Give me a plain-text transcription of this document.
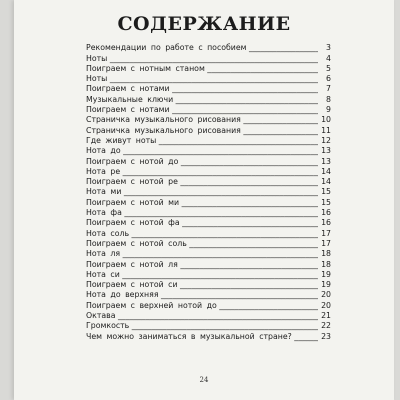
СОДЕРЖАНИЕ
Рекомендации по работе с пособием _____	3
Ноты _____	4
Поиграем с нотным станом _____	5
Ноты _____	6
Поиграем с нотами _____	7
Музыкальные ключи _____	8
Поиграем с нотами _____	9
Страничка музыкального рисования _____	10
Страничка музыкального рисования _____	11
Где живут ноты _____	12
Нота до _____	13
Поиграем с нотой до _____	13
Нота ре _____	14
Поиграем с нотой ре _____	14
Нота ми _____	15
Поиграем с нотой ми _____	15
Нота фа _____	16
Поиграем с нотой фа _____	16
Нота соль _____	17
Поиграем с нотой соль _____	17
Нота ля _____	18
Поиграем с нотой ля _____	18
Нота си _____	19
Поиграем с нотой си _____	19
Нота до верхняя _____	20
Поиграем с верхней нотой до _____	20
Октава _____	21
Громкость _____	22
Чем можно заниматься в музыкальной стране? _____	23
24
